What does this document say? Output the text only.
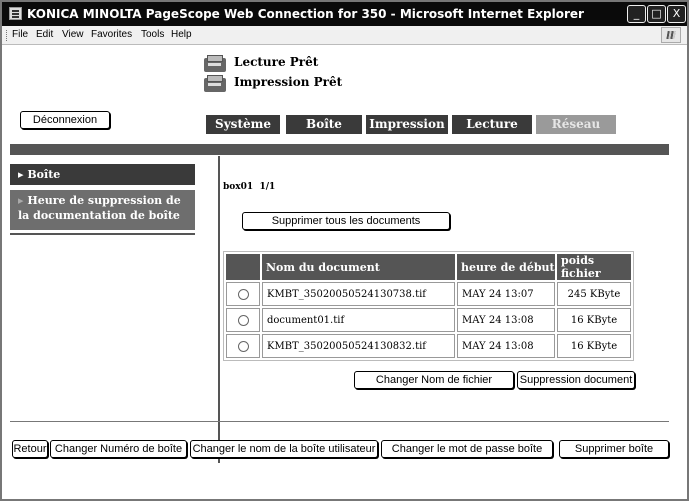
KONICA MINOLTA PageScope Web Connection for 350 - Microsoft Internet Explorer	_	□	X
File Edit View Favorites Tools Help
Lecture Prêt
Impression Prêt
Déconnexion	Système	Boîte	Impression	Lecture	Réseau
▸ Boîte
▸ Heure de suppression de la documentation de boîte
box01 1/1
Supprimer tous les documents
	Nom du document	heure de début	poids fichier
	KMBT_35020050524130738.tif	MAY 24 13:07	245 KByte
	document01.tif	MAY 24 13:08	16 KByte
	KMBT_35020050524130832.tif	MAY 24 13:08	16 KByte
Changer Nom de fichier	Suppression document
Retour Changer Numéro de boîte Changer le nom de la boîte utilisateur	Changer le mot de passe boîte	Supprimer boîte
